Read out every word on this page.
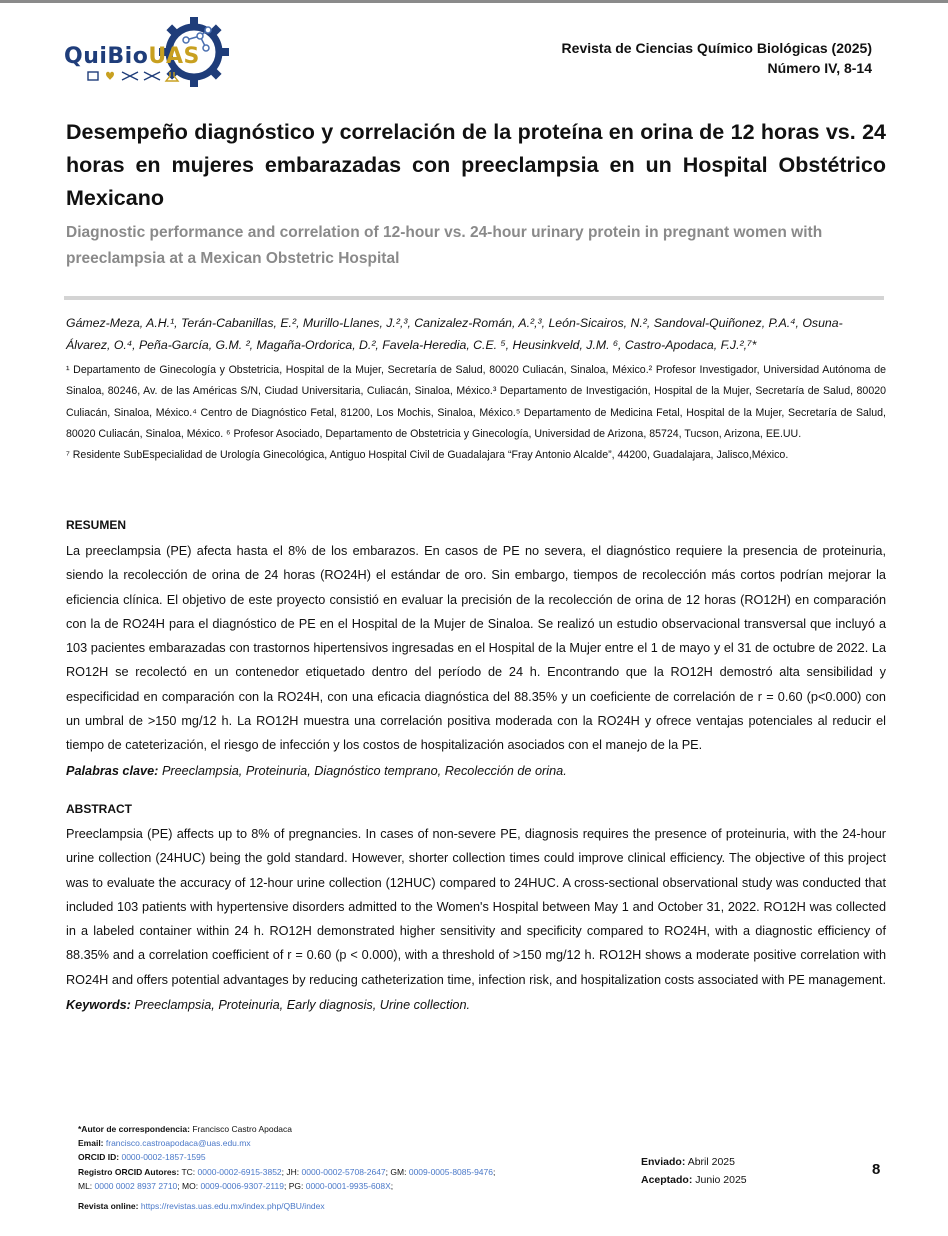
QuiBioUAS	Revista de Ciencias Químico Biológicas (2025)
Número IV, 8-14
Desempeño diagnóstico y correlación de la proteína en orina de 12 horas vs. 24 horas en mujeres embarazadas con preeclampsia en un Hospital Obstétrico Mexicano
Diagnostic performance and correlation of 12-hour vs. 24-hour urinary protein in pregnant women with preeclampsia at a Mexican Obstetric Hospital

Gámez-Meza, A.H.¹, Terán-Cabanillas, E.², Murillo-Llanes, J.²,³, Canizalez-Román, A.²,³, León-Sicairos, N.², Sandoval-Quiñonez, P.A.⁴, Osuna-Álvarez, O.⁴, Peña-García, G.M. ², Magaña-Ordorica, D.², Favela-Heredia, C.E. ⁵, Heusinkveld, J.M. ⁶, Castro-Apodaca, F.J.²,⁷*

¹ Departamento de Ginecología y Obstetricia, Hospital de la Mujer, Secretaría de Salud, 80020 Culiacán, Sinaloa, México.² Profesor Investigador, Universidad Autónoma de Sinaloa, 80246, Av. de las Américas S/N, Ciudad Universitaria, Culiacán, Sinaloa, México.³ Departamento de Investigación, Hospital de la Mujer, Secretaría de Salud, 80020 Culiacán, Sinaloa, México.⁴ Centro de Diagnóstico Fetal, 81200, Los Mochis, Sinaloa, México.⁵ Departamento de Medicina Fetal, Hospital de la Mujer, Secretaría de Salud, 80020 Culiacán, Sinaloa, México. ⁶ Profesor Asociado, Departamento de Obstetricia y Ginecología, Universidad de Arizona, 85724, Tucson, Arizona, EE.UU.
⁷ Residente SubEspecialidad de Urología Ginecológica, Antiguo Hospital Civil de Guadalajara “Fray Antonio Alcalde”, 44200, Guadalajara, Jalisco,México.
RESUMEN

La preeclampsia (PE) afecta hasta el 8% de los embarazos. En casos de PE no severa, el diagnóstico requiere la presencia de proteinuria, siendo la recolección de orina de 24 horas (RO24H) el estándar de oro. Sin embargo, tiempos de recolección más cortos podrían mejorar la eficiencia clínica. El objetivo de este proyecto consistió en evaluar la precisión de la recolección de orina de 12 horas (RO12H) en comparación con la de RO24H para el diagnóstico de PE en el Hospital de la Mujer de Sinaloa. Se realizó un estudio observacional transversal que incluyó a 103 pacientes embarazadas con trastornos hipertensivos ingresadas en el Hospital de la Mujer entre el 1 de mayo y el 31 de octubre de 2022. La RO12H se recolectó en un contenedor etiquetado dentro del período de 24 h. Encontrando que la RO12H demostró alta sensibilidad y especificidad en comparación con la RO24H, con una eficacia diagnóstica del 88.35% y un coeficiente de correlación de r = 0.60 (p<0.000) con un umbral de >150 mg/12 h. La RO12H muestra una correlación positiva moderada con la RO24H y ofrece ventajas potenciales al reducir el tiempo de cateterización, el riesgo de infección y los costos de hospitalización asociados con el manejo de la PE.

Palabras clave: Preeclampsia, Proteinuria, Diagnóstico temprano, Recolección de orina.

ABSTRACT

Preeclampsia (PE) affects up to 8% of pregnancies. In cases of non-severe PE, diagnosis requires the presence of proteinuria, with the 24-hour urine collection (24HUC) being the gold standard. However, shorter collection times could improve clinical efficiency. The objective of this project was to evaluate the accuracy of 12-hour urine collection (12HUC) compared to 24HUC. A cross-sectional observational study was conducted that included 103 patients with hypertensive disorders admitted to the Women's Hospital between May 1 and October 31, 2022. RO12H was collected in a labeled container within 24 h. RO12H demonstrated higher sensitivity and specificity compared to RO24H, with a diagnostic efficiency of 88.35% and a correlation coefficient of r = 0.60 (p < 0.000), with a threshold of >150 mg/12 h. RO12H shows a moderate positive correlation with RO24H and offers potential advantages by reducing catheterization time, infection risk, and hospitalization costs associated with PE management.

Keywords: Preeclampsia, Proteinuria, Early diagnosis, Urine collection.

*Autor de correspondencia: Francisco Castro Apodaca
Email: francisco.castroapodaca@uas.edu.mx
ORCID ID: 0000-0002-1857-1595
Registro ORCID Autores: TC: 0000-0002-6915-3852; JH: 0000-0002-5708-2647; GM: 0009-0005-8085-9476;
ML: 0000 0002 8937 2710; MO: 0009-0006-9307-2119; PG: 0000-0001-9935-608X;
Revista online: https://revistas.uas.edu.mx/index.php/QBU/index
Enviado: Abril 2025
Aceptado: Junio 2025
8
